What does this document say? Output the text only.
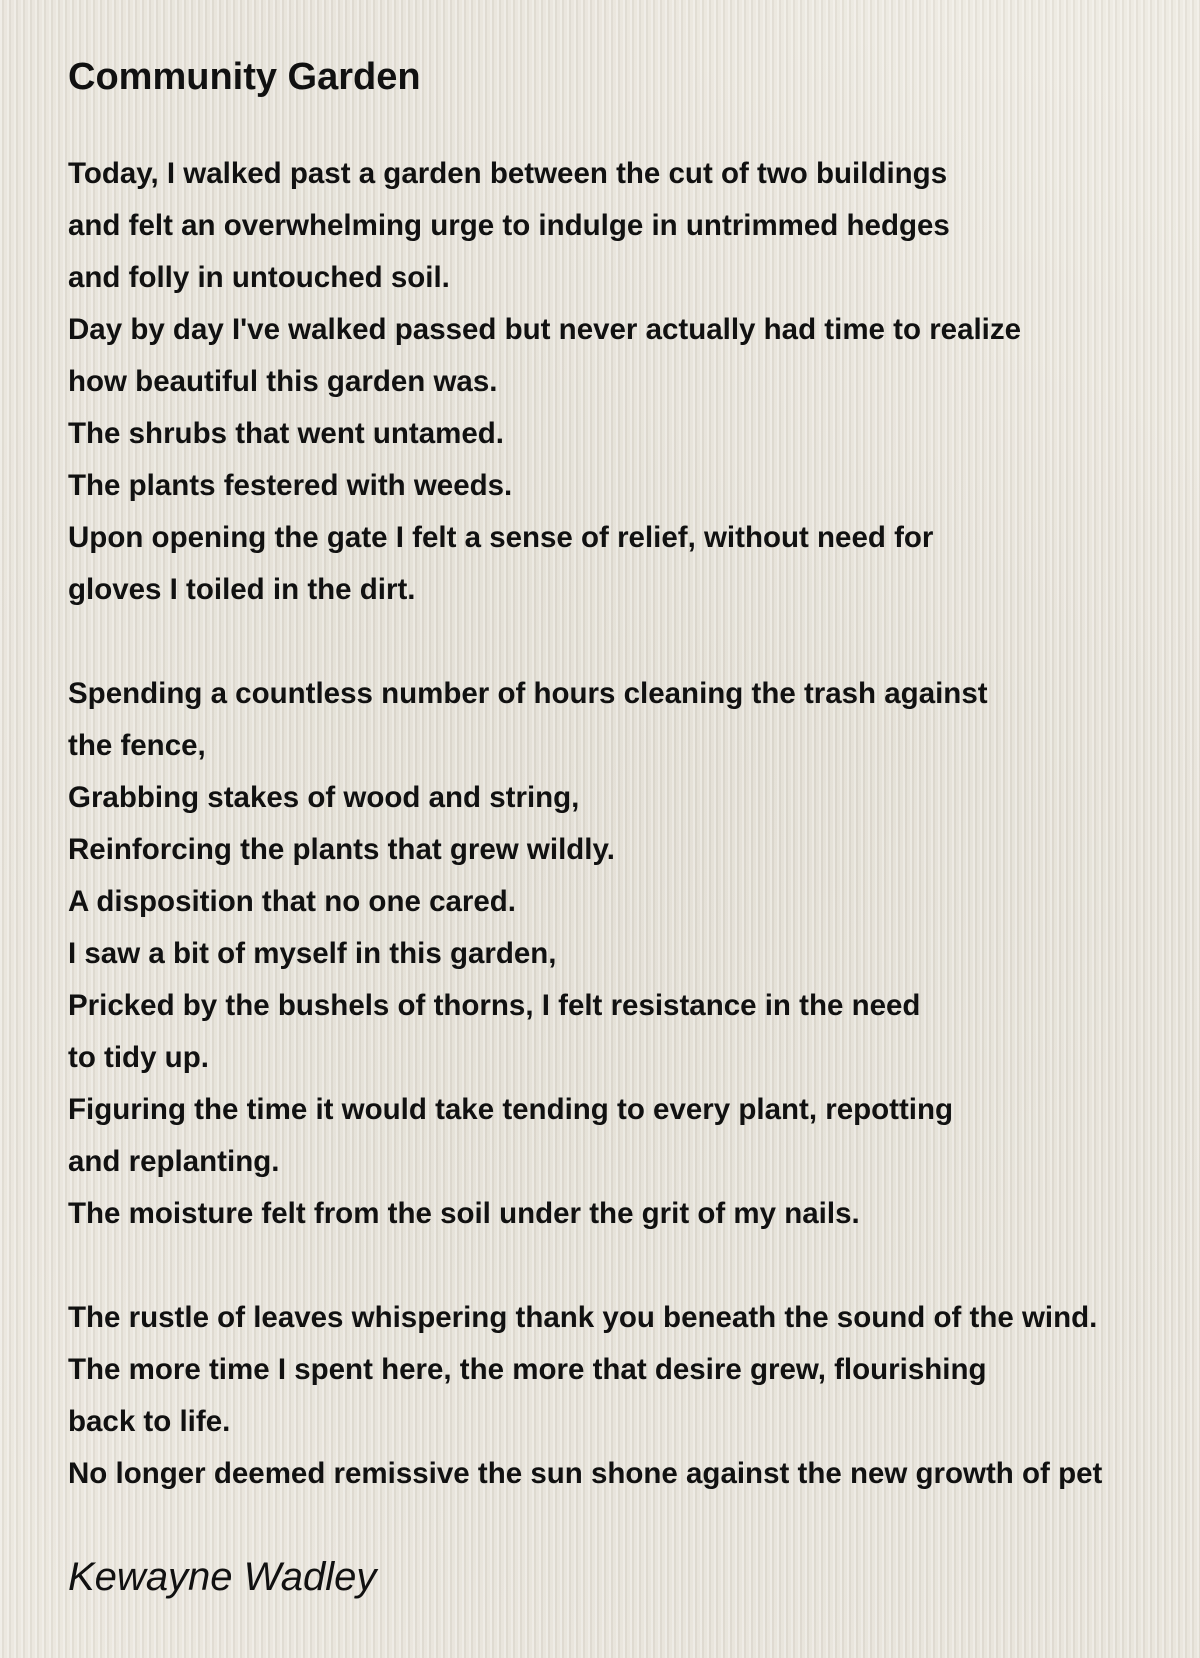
Community Garden
Today, I walked past a garden between the cut of two buildings
and felt an overwhelming urge to indulge in untrimmed hedges
and folly in untouched soil.
Day by day I've walked passed but never actually had time to realize
how beautiful this garden was.
The shrubs that went untamed.
The plants festered with weeds.
Upon opening the gate I felt a sense of relief, without need for
gloves I toiled in the dirt.
Spending a countless number of hours cleaning the trash against
the fence,
Grabbing stakes of wood and string,
Reinforcing the plants that grew wildly.
A disposition that no one cared.
I saw a bit of myself in this garden,
Pricked by the bushels of thorns, I felt resistance in the need
to tidy up.
Figuring the time it would take tending to every plant, repotting
and replanting.
The moisture felt from the soil under the grit of my nails.
The rustle of leaves whispering thank you beneath the sound of the wind.
The more time I spent here, the more that desire grew, flourishing
back to life.
No longer deemed remissive the sun shone against the new growth of pet
Kewayne Wadley
